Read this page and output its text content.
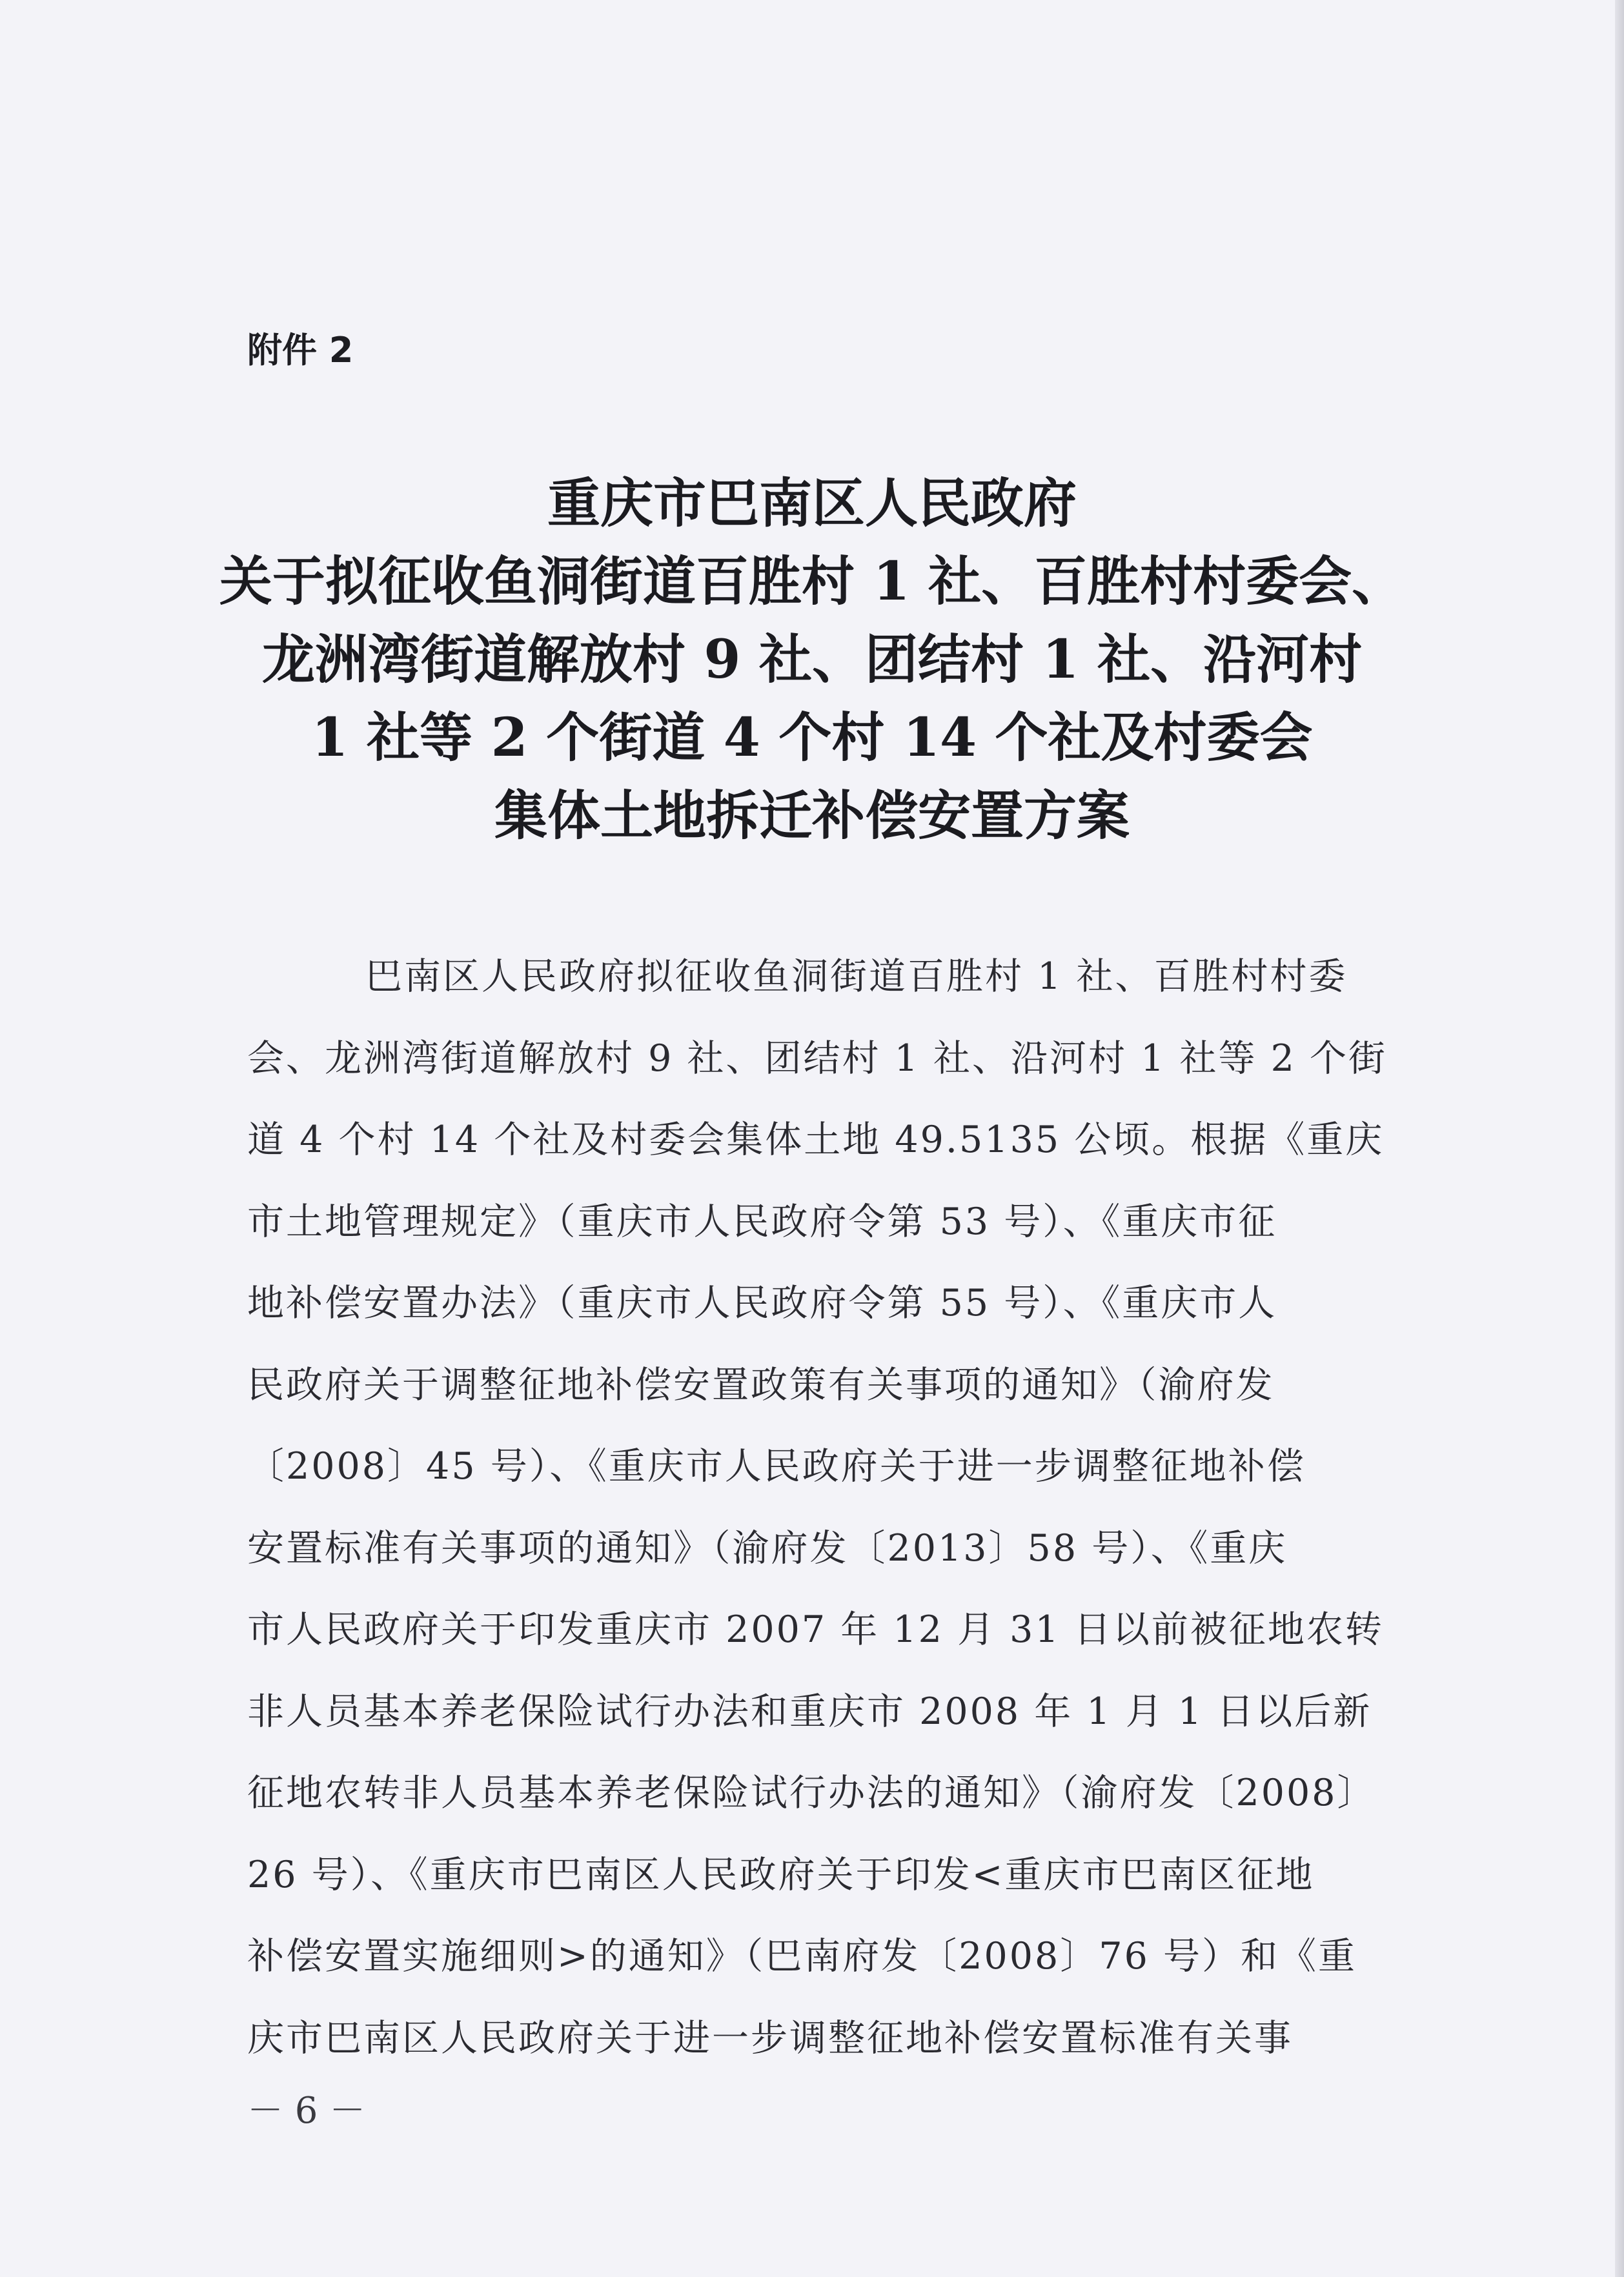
附件 2
重庆市巴南区人民政府
关于拟征收鱼洞街道百胜村 1 社、百胜村村委会、
龙洲湾街道解放村 9 社、团结村 1 社、沿河村
1 社等 2 个街道 4 个村 14 个社及村委会
集体土地拆迁补偿安置方案
巴南区人民政府拟征收鱼洞街道百胜村 1 社、百胜村村委
会、龙洲湾街道解放村 9 社、团结村 1 社、沿河村 1 社等 2 个街
道 4 个村 14 个社及村委会集体土地 49.5135 公顷。根据《重庆
市土地管理规定》（重庆市人民政府令第 53 号）、《重庆市征
地补偿安置办法》（重庆市人民政府令第 55 号）、《重庆市人
民政府关于调整征地补偿安置政策有关事项的通知》（渝府发
〔2008〕45 号）、《重庆市人民政府关于进一步调整征地补偿
安置标准有关事项的通知》（渝府发〔2013〕58 号）、《重庆
市人民政府关于印发重庆市 2007 年 12 月 31 日以前被征地农转
非人员基本养老保险试行办法和重庆市 2008 年 1 月 1 日以后新
征地农转非人员基本养老保险试行办法的通知》（渝府发〔2008〕
26 号）、《重庆市巴南区人民政府关于印发<重庆市巴南区征地
补偿安置实施细则>的通知》（巴南府发〔2008〕76 号）和《重
庆市巴南区人民政府关于进一步调整征地补偿安置标准有关事
－ 6 －
